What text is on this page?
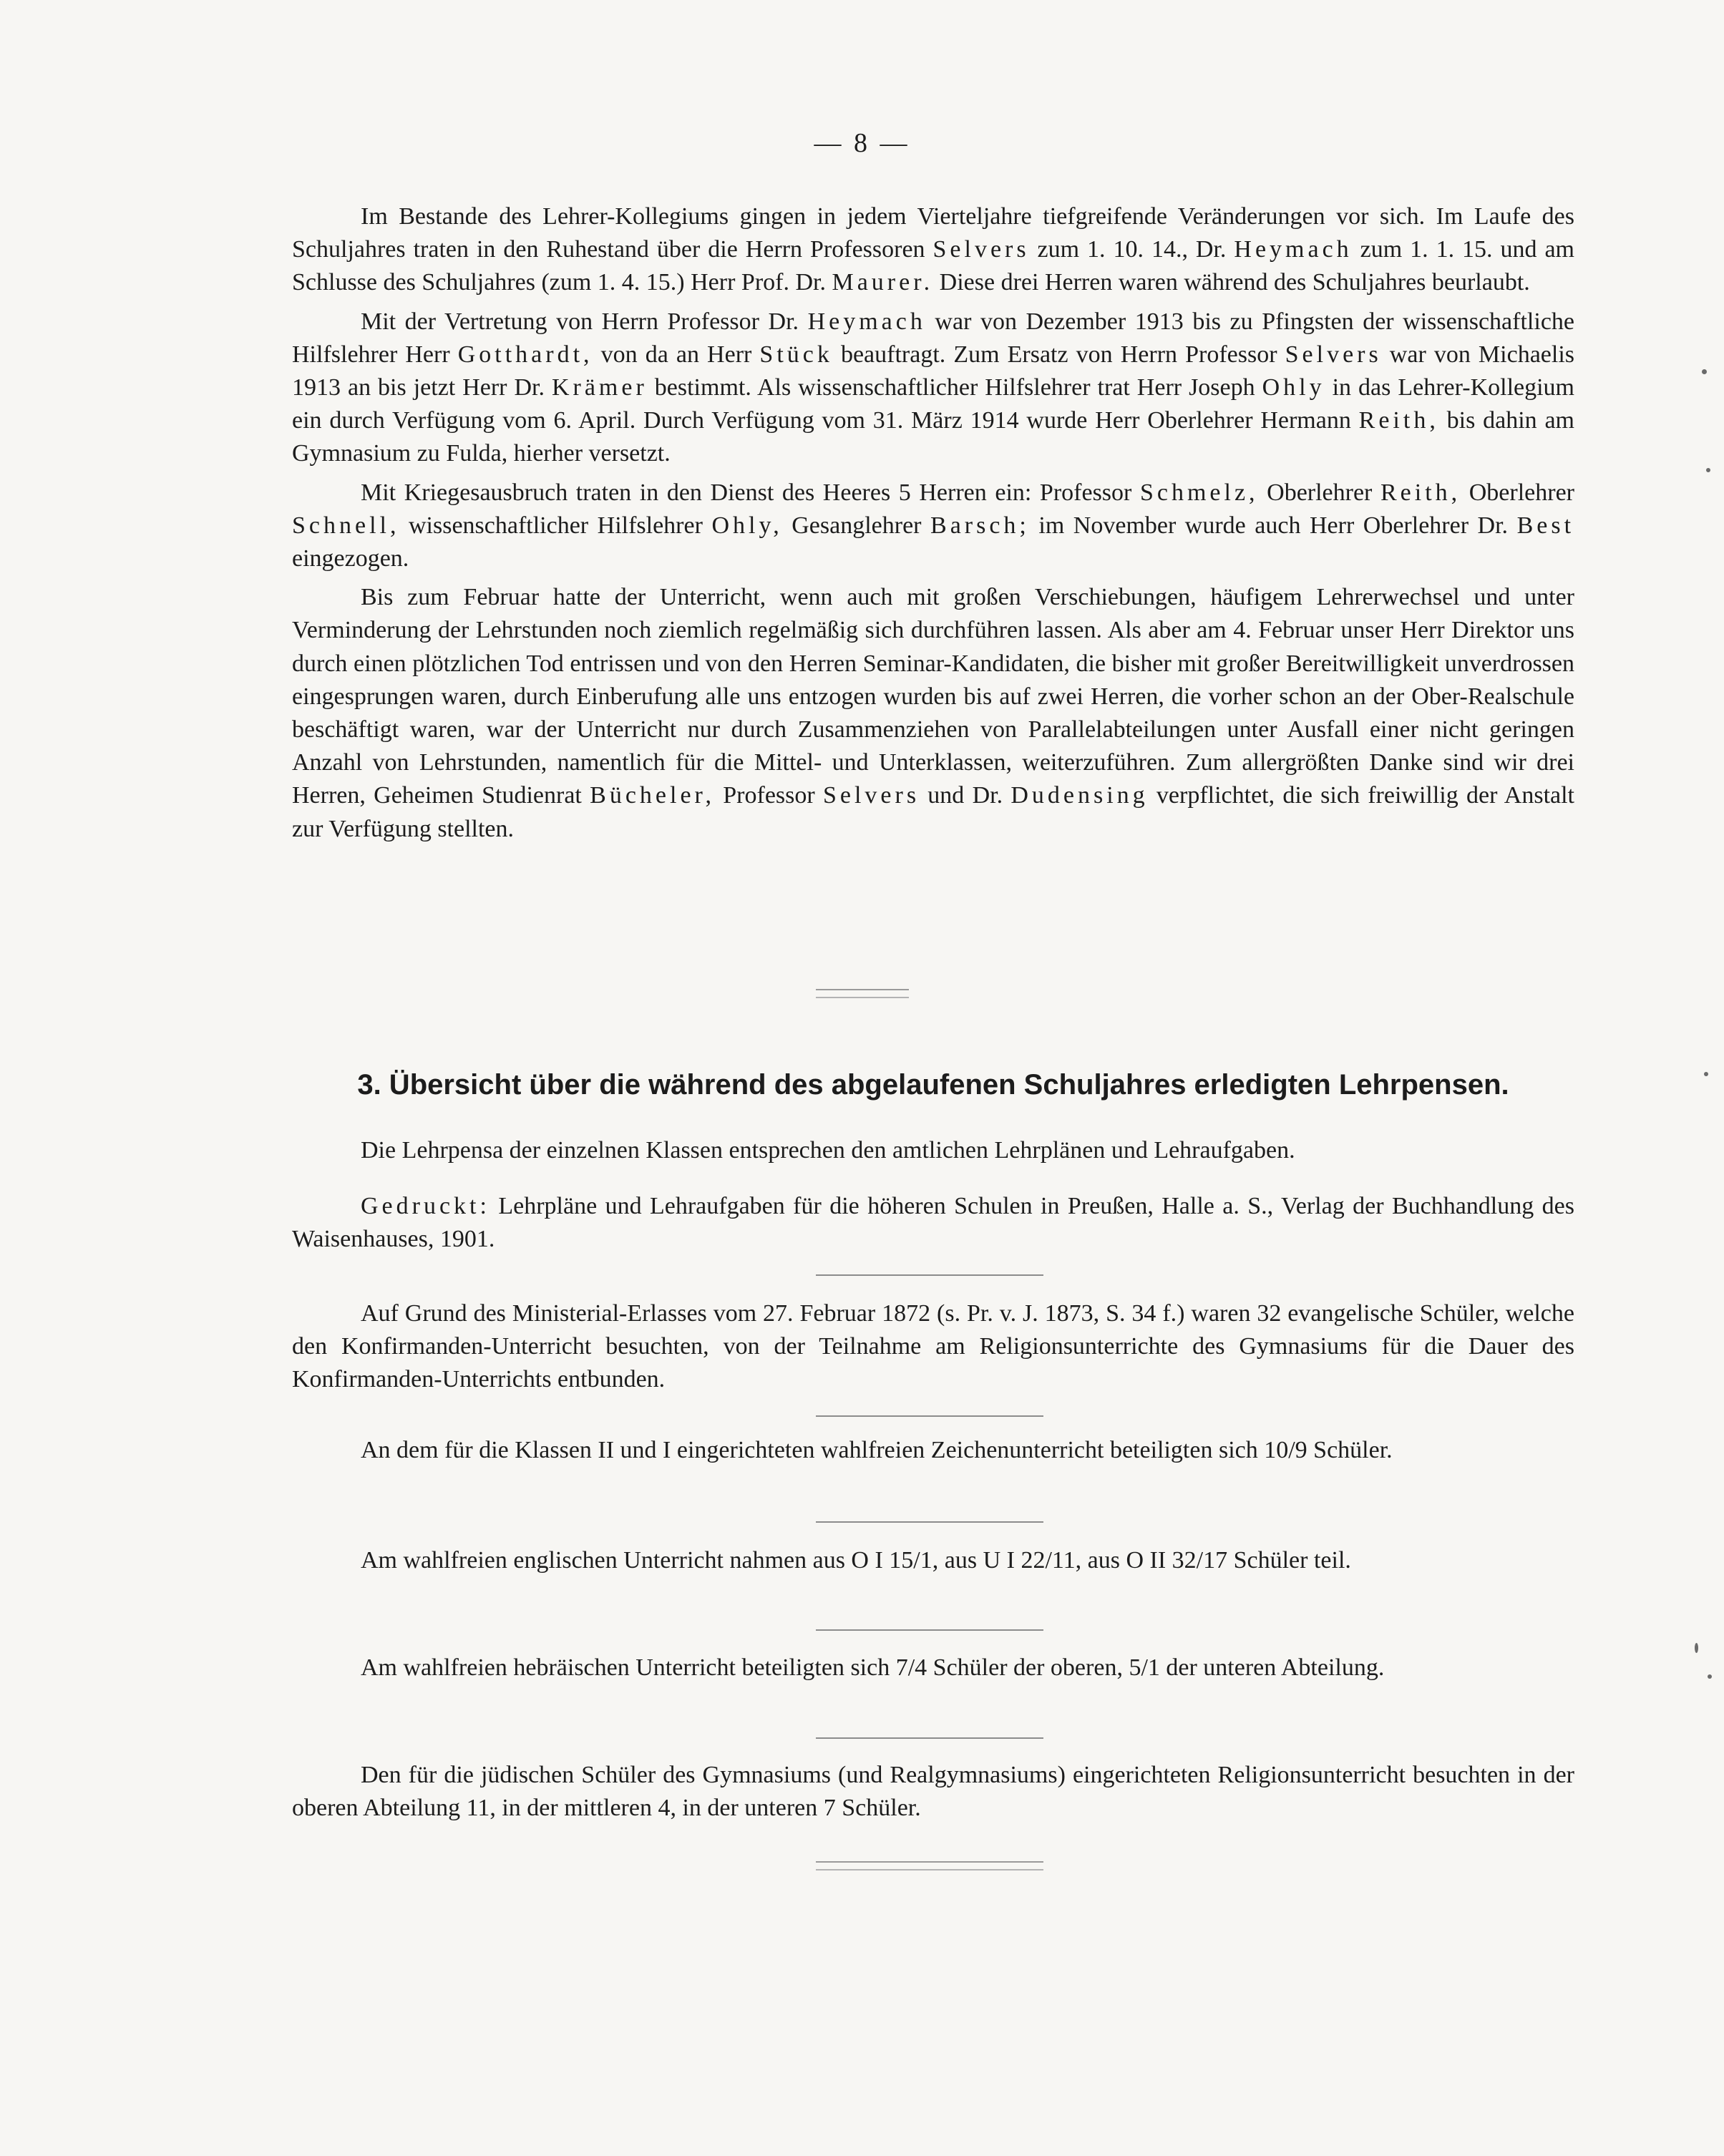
— 8 —

Im Bestande des Lehrer-Kollegiums gingen in jedem Vierteljahre tiefgreifende Veränderungen vor sich. Im Laufe des Schuljahres traten in den Ruhestand über die Herrn Professoren Selvers zum 1. 10. 14., Dr. Heymach zum 1. 1. 15. und am Schlusse des Schuljahres (zum 1. 4. 15.) Herr Prof. Dr. Maurer. Diese drei Herren waren während des Schuljahres beurlaubt.

Mit der Vertretung von Herrn Professor Dr. Heymach war von Dezember 1913 bis zu Pfingsten der wissenschaftliche Hilfslehrer Herr Gotthardt, von da an Herr Stück beauftragt. Zum Ersatz von Herrn Professor Selvers war von Michaelis 1913 an bis jetzt Herr Dr. Krämer bestimmt. Als wissenschaftlicher Hilfslehrer trat Herr Joseph Ohly in das Lehrer-Kollegium ein durch Verfügung vom 6. April. Durch Verfügung vom 31. März 1914 wurde Herr Oberlehrer Hermann Reith, bis dahin am Gymnasium zu Fulda, hierher versetzt.

Mit Kriegesausbruch traten in den Dienst des Heeres 5 Herren ein: Professor Schmelz, Oberlehrer Reith, Oberlehrer Schnell, wissenschaftlicher Hilfslehrer Ohly, Gesanglehrer Barsch; im November wurde auch Herr Oberlehrer Dr. Best eingezogen.

Bis zum Februar hatte der Unterricht, wenn auch mit großen Verschiebungen, häufigem Lehrerwechsel und unter Verminderung der Lehrstunden noch ziemlich regelmäßig sich durchführen lassen. Als aber am 4. Februar unser Herr Direktor uns durch einen plötzlichen Tod entrissen und von den Herren Seminar-Kandidaten, die bisher mit großer Bereitwilligkeit unverdrossen eingesprungen waren, durch Einberufung alle uns entzogen wurden bis auf zwei Herren, die vorher schon an der Ober-Realschule beschäftigt waren, war der Unterricht nur durch Zusammenziehen von Parallelabteilungen unter Ausfall einer nicht geringen Anzahl von Lehrstunden, namentlich für die Mittel- und Unterklassen, weiterzuführen. Zum allergrößten Danke sind wir drei Herren, Geheimen Studienrat Bücheler, Professor Selvers und Dr. Dudensing verpflichtet, die sich freiwillig der Anstalt zur Verfügung stellten.

3. Übersicht über die während des abgelaufenen Schuljahres erledigten Lehrpensen.

Die Lehrpensa der einzelnen Klassen entsprechen den amtlichen Lehrplänen und Lehraufgaben.

Gedruckt: Lehrpläne und Lehraufgaben für die höheren Schulen in Preußen, Halle a. S., Verlag der Buchhandlung des Waisenhauses, 1901.

Auf Grund des Ministerial-Erlasses vom 27. Februar 1872 (s. Pr. v. J. 1873, S. 34 f.) waren 32 evangelische Schüler, welche den Konfirmanden-Unterricht besuchten, von der Teilnahme am Religionsunterrichte des Gymnasiums für die Dauer des Konfirmanden-Unterrichts entbunden.

An dem für die Klassen II und I eingerichteten wahlfreien Zeichenunterricht beteiligten sich 10/9 Schüler.

Am wahlfreien englischen Unterricht nahmen aus O I 15/1, aus U I 22/11, aus O II 32/17 Schüler teil.

Am wahlfreien hebräischen Unterricht beteiligten sich 7/4 Schüler der oberen, 5/1 der unteren Abteilung.

Den für die jüdischen Schüler des Gymnasiums (und Realgymnasiums) eingerichteten Religionsunterricht besuchten in der oberen Abteilung 11, in der mittleren 4, in der unteren 7 Schüler.
